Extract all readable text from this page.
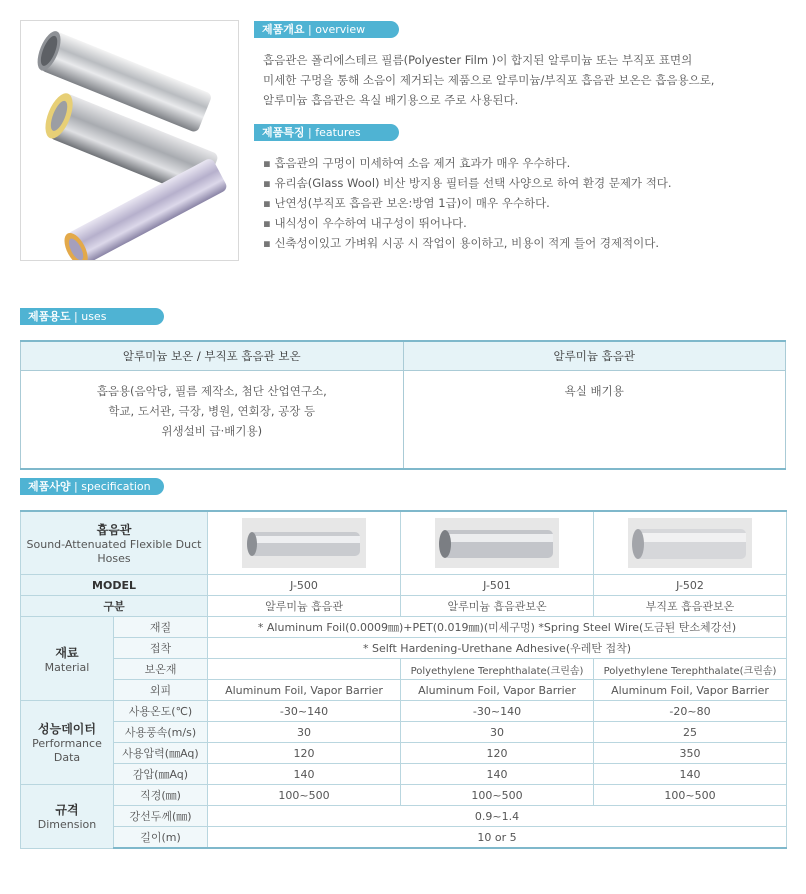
제품개요 | overview
흡음관은 폴리에스테르 필름(Polyester Film )이 합지된 알루미늄 또는 부직포 표면의
미세한 구멍을 통해 소음이 제거되는 제품으로 알루미늄/부직포 흡음관 보온은 흡음용으로,
알루미늄 흡음관은 욕실 배기용으로 주로 사용된다.
제품특징 | features
▪ 흡음관의 구멍이 미세하여 소음 제거 효과가 매우 우수하다.
▪ 유리솜(Glass Wool) 비산 방지용 필터를 선택 사양으로 하여 환경 문제가 적다.
▪ 난연성(부직포 흡음관 보온:방염 1급)이 매우 우수하다.
▪ 내식성이 우수하여 내구성이 뛰어나다.
▪ 신축성이있고 가벼워 시공 시 작업이 용이하고, 비용이 적게 들어 경제적이다.
제품용도 | uses
알루미늄 보온 / 부직포 흡음관 보온	알루미늄 흡음관

흡음용(음악당, 필름 제작소, 첨단 산업연구소,
학교, 도서관, 극장, 병원, 연회장, 공장 등
위생설비 급·배기용)	욕실 배기용
제품사양 | specification
흡음관
Sound-Attenuated Flexible Duct Hoses

MODEL		J-500	J-501	J-502
구분		알루미늄 흡음관	알루미늄 흡음관보온	부직포 흡음관보온

재료
Material	재질	* Aluminum Foil(0.0009㎜)+PET(0.019㎜)(미세구멍) *Spring Steel Wire(도금된 탄소체강선)		
	접착	* Selft Hardening-Urethane Adhesive(우레탄 접착)		
	보온재		Polyethylene Terephthalate(크린솜)	Polyethylene Terephthalate(크린솜)
	외피	Aluminum Foil, Vapor Barrier	Aluminum Foil, Vapor Barrier	Aluminum Foil, Vapor Barrier

성능데이터
Performance Data	사용온도(℃)	-30~140	-30~140	-20~80
	사용풍속(m/s)	30	30	25
	사용압력(㎜Aq)	120	120	350
	감압(㎜Aq)	140	140	140

규격
Dimension	직경(㎜)	100~500	100~500	100~500
	강선두께(㎜)	0.9~1.4		
	길이(m)	10 or 5		
